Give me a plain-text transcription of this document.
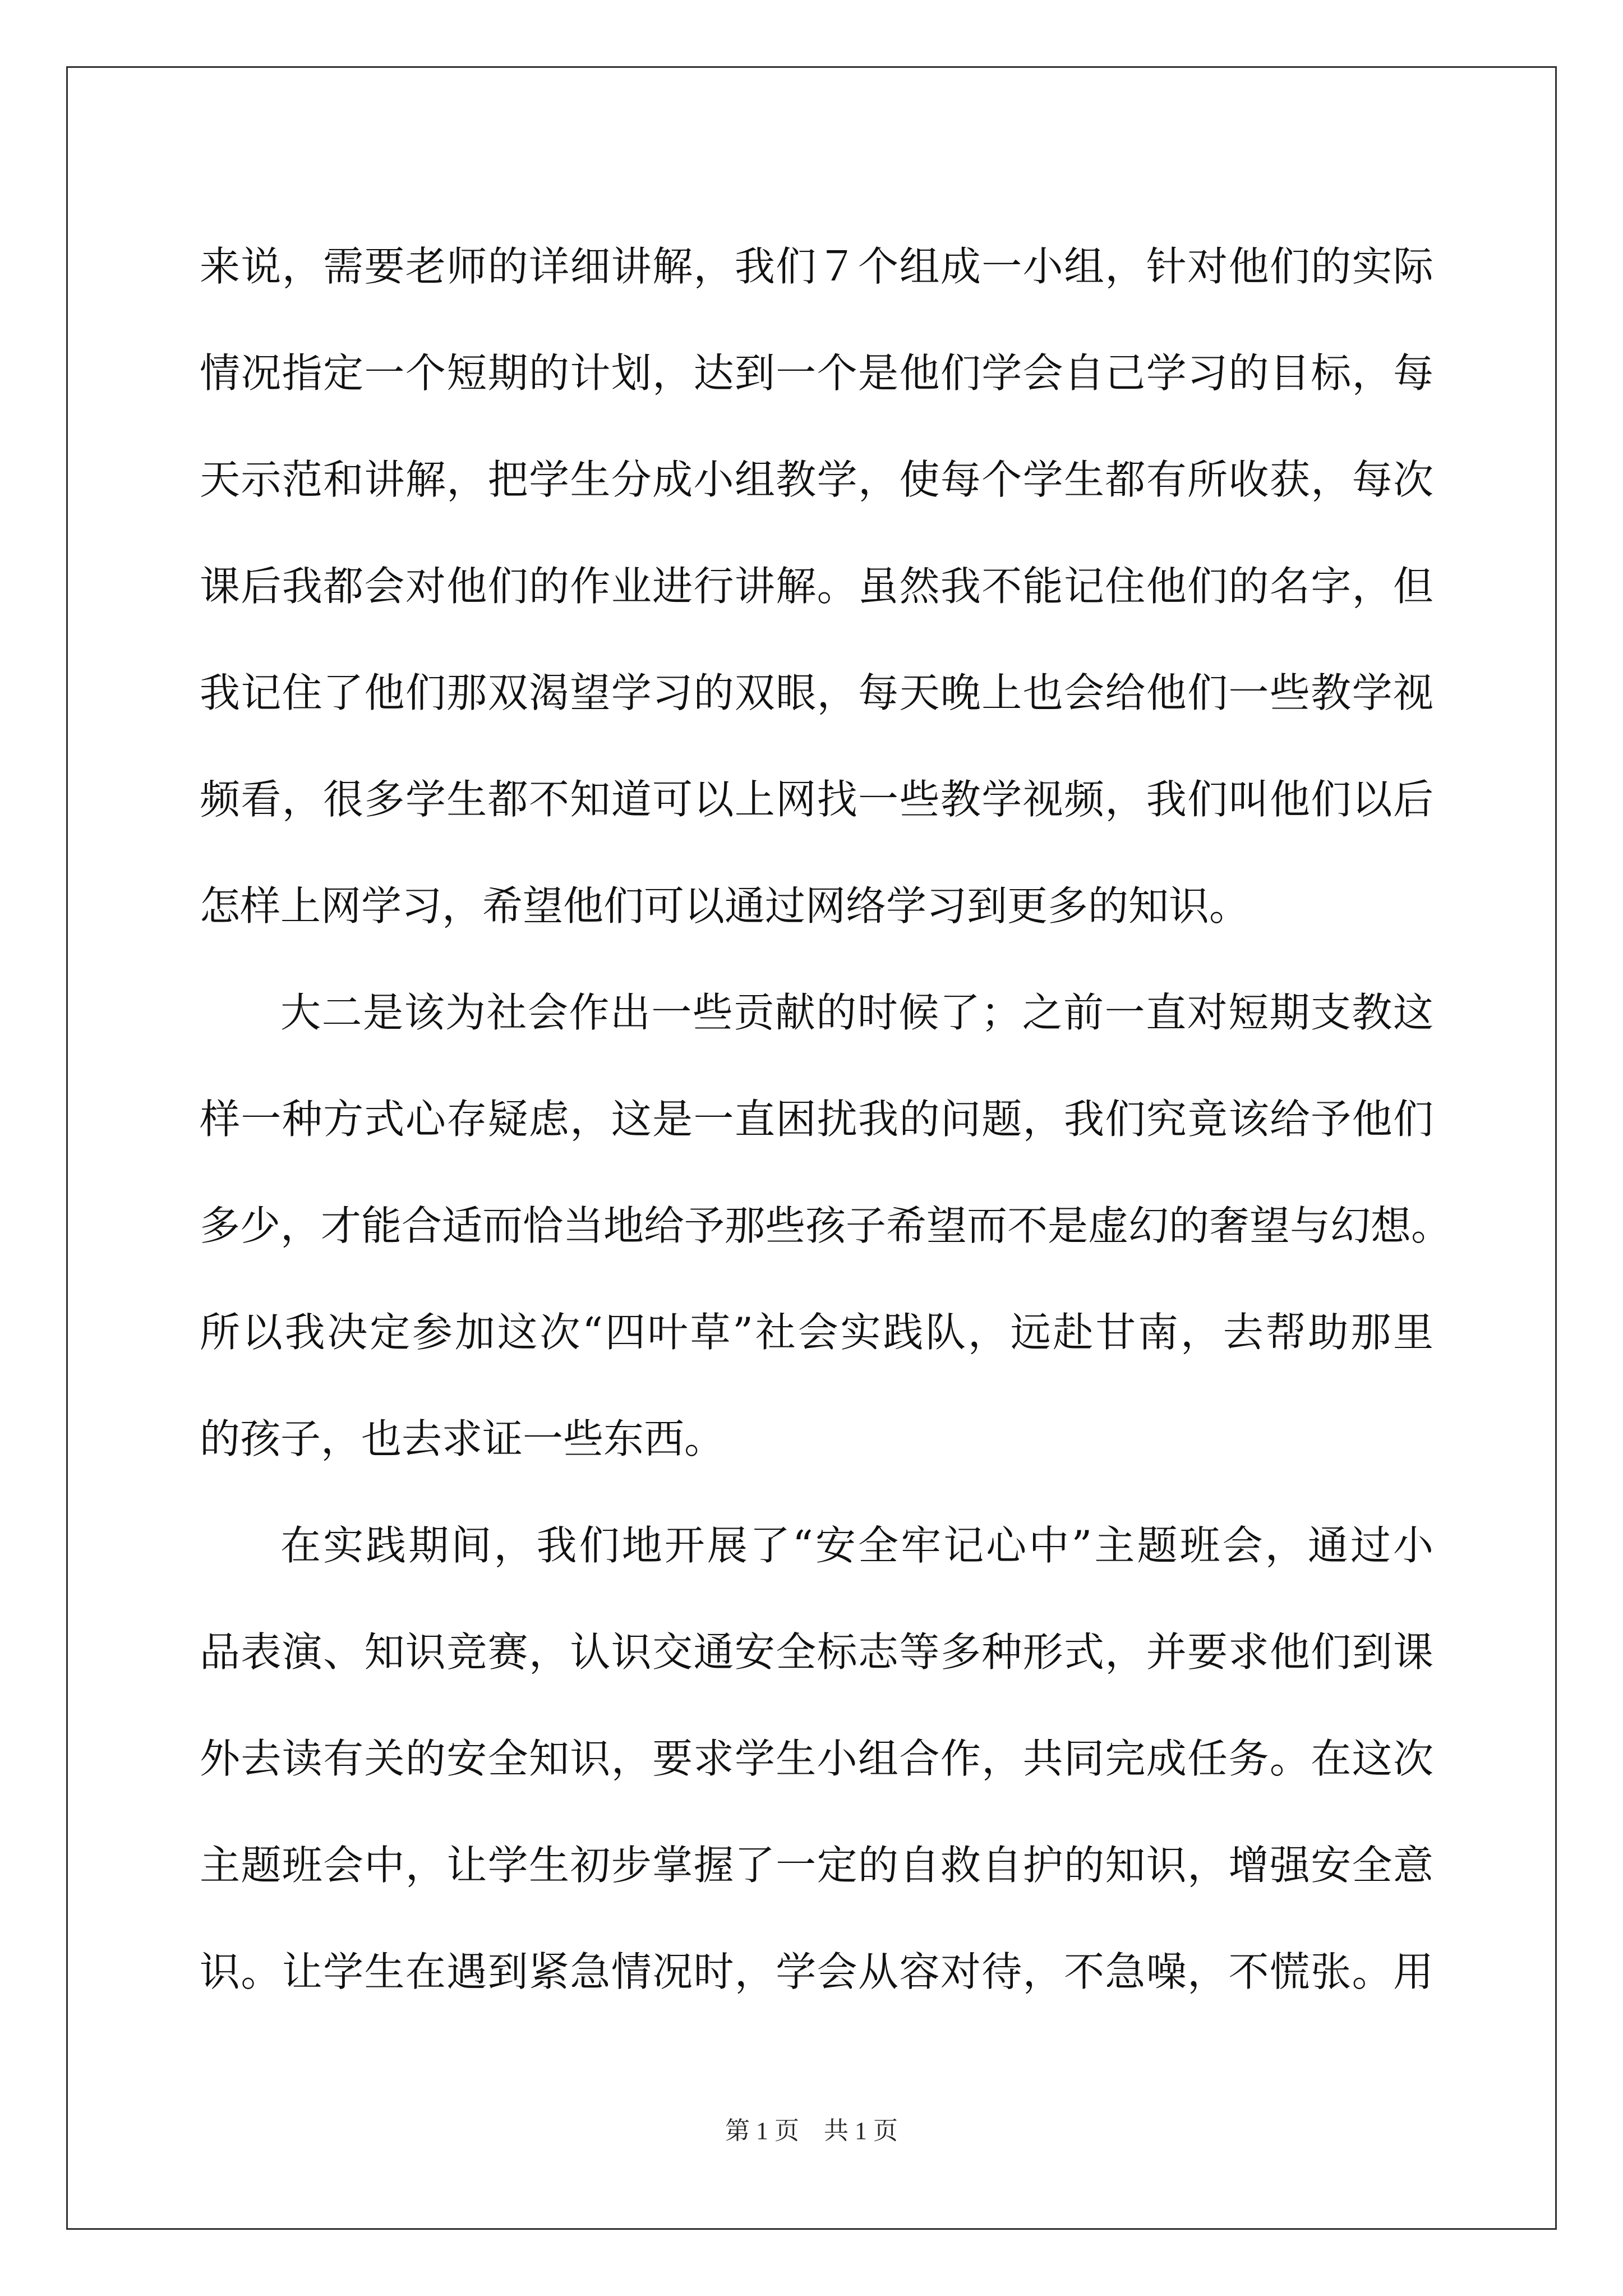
来说，需要老师的详细讲解，我们７个组成一小组，针对他们的实际
情况指定一个短期的计划，达到一个是他们学会自己学习的目标，每
天示范和讲解，把学生分成小组教学，使每个学生都有所收获，每次
课后我都会对他们的作业进行讲解。虽然我不能记住他们的名字，但
我记住了他们那双渴望学习的双眼，每天晚上也会给他们一些教学视
频看，很多学生都不知道可以上网找一些教学视频，我们叫他们以后
怎样上网学习，希望他们可以通过网络学习到更多的知识。
大二是该为社会作出一些贡献的时候了；之前一直对短期支教这
样一种方式心存疑虑，这是一直困扰我的问题，我们究竟该给予他们
多少，才能合适而恰当地给予那些孩子希望而不是虚幻的奢望与幻想。
所以我决定参加这次“四叶草”社会实践队，远赴甘南，去帮助那里
的孩子，也去求证一些东西。
在实践期间，我们地开展了“安全牢记心中”主题班会，通过小
品表演、知识竞赛，认识交通安全标志等多种形式，并要求他们到课
外去读有关的安全知识，要求学生小组合作，共同完成任务。在这次
主题班会中，让学生初步掌握了一定的自救自护的知识，增强安全意
识。让学生在遇到紧急情况时，学会从容对待，不急噪，不慌张。用
第 1 页 共 1 页
